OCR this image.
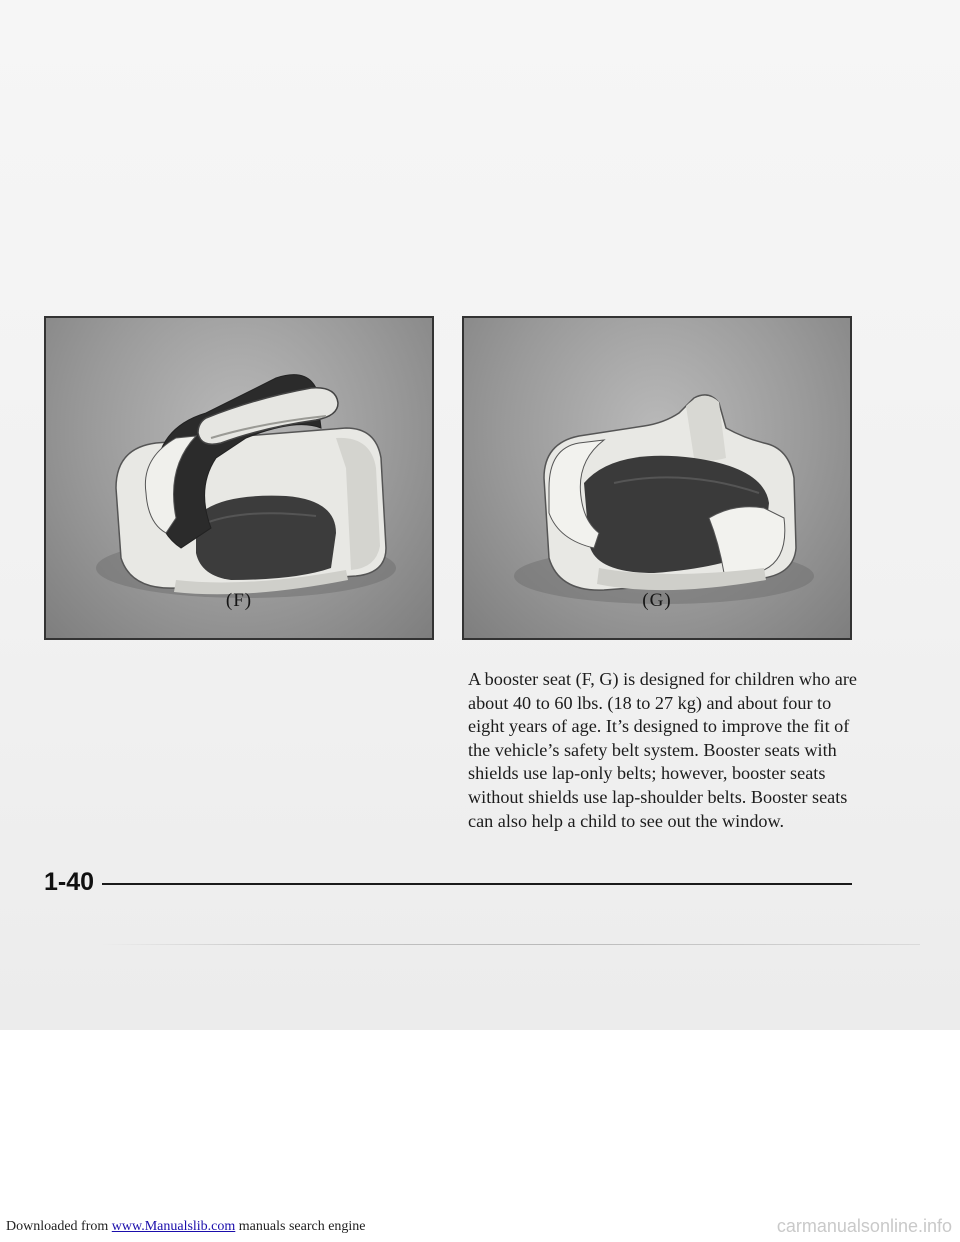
(F)	(G)

A booster seat (F, G) is designed for children who are about 40 to 60 lbs. (18 to 27 kg) and about four to eight years of age. It’s designed to improve the fit of the vehicle’s safety belt system. Booster seats with shields use lap-only belts; however, booster seats without shields use lap-shoulder belts. Booster seats can also help a child to see out the window.

1-40
Downloaded from www.Manualslib.com manuals search engine	carmanualsonline.info
